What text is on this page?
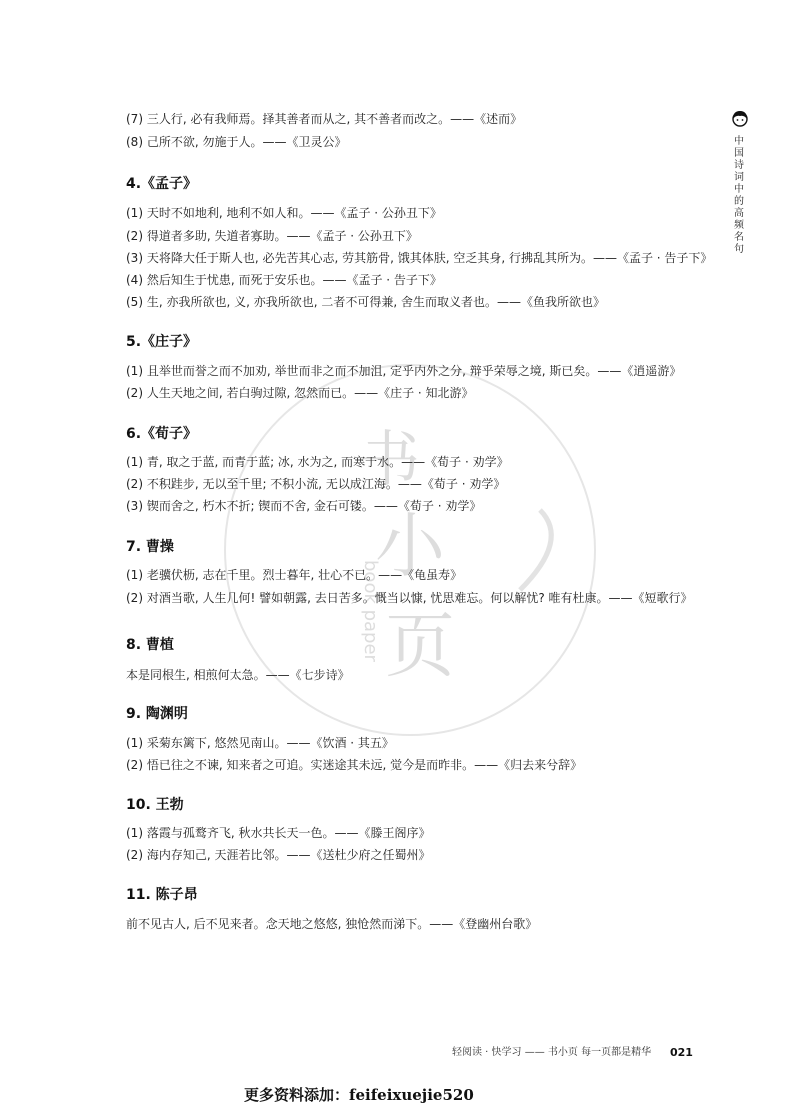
书
小
页
book paper
(7) 三人行, 必有我师焉。择其善者而从之, 其不善者而改之。——《述而》
(8) 己所不欲, 勿施于人。——《卫灵公》
4.《孟子》
(1) 天时不如地利, 地利不如人和。——《孟子 · 公孙丑下》
(2) 得道者多助, 失道者寡助。——《孟子 · 公孙丑下》
(3) 天将降大任于斯人也, 必先苦其心志, 劳其筋骨, 饿其体肤, 空乏其身, 行拂乱其所为。——《孟子 · 告子下》
(4) 然后知生于忧患, 而死于安乐也。——《孟子 · 告子下》
(5) 生, 亦我所欲也, 义, 亦我所欲也, 二者不可得兼, 舍生而取义者也。——《鱼我所欲也》
5.《庄子》
(1) 且举世而誉之而不加劝, 举世而非之而不加沮, 定乎内外之分, 辩乎荣辱之境, 斯已矣。——《逍遥游》
(2) 人生天地之间, 若白驹过隙, 忽然而已。——《庄子 · 知北游》
6.《荀子》
(1) 青, 取之于蓝, 而青于蓝; 冰, 水为之, 而寒于水。——《荀子 · 劝学》
(2) 不积跬步, 无以至千里; 不积小流, 无以成江海。——《荀子 · 劝学》
(3) 锲而舍之, 朽木不折; 锲而不舍, 金石可镂。——《荀子 · 劝学》
7. 曹操
(1) 老骥伏枥, 志在千里。烈士暮年, 壮心不已。——《龟虽寿》
(2) 对酒当歌, 人生几何! 譬如朝露, 去日苦多。慨当以慷, 忧思难忘。何以解忧? 唯有杜康。——《短歌行》
8. 曹植
本是同根生, 相煎何太急。——《七步诗》
9. 陶渊明
(1) 采菊东篱下, 悠然见南山。——《饮酒 · 其五》
(2) 悟已往之不谏, 知来者之可追。实迷途其未远, 觉今是而昨非。——《归去来兮辞》
10. 王勃
(1) 落霞与孤鹜齐飞, 秋水共长天一色。——《滕王阁序》
(2) 海内存知己, 天涯若比邻。——《送杜少府之任蜀州》
11. 陈子昂
前不见古人, 后不见来者。念天地之悠悠, 独怆然而涕下。——《登幽州台歌》
中国诗词中的高频名句
轻阅读 · 快学习 —— 书小页 每一页都是精华 021
更多资料添加：feifeixuejie520
